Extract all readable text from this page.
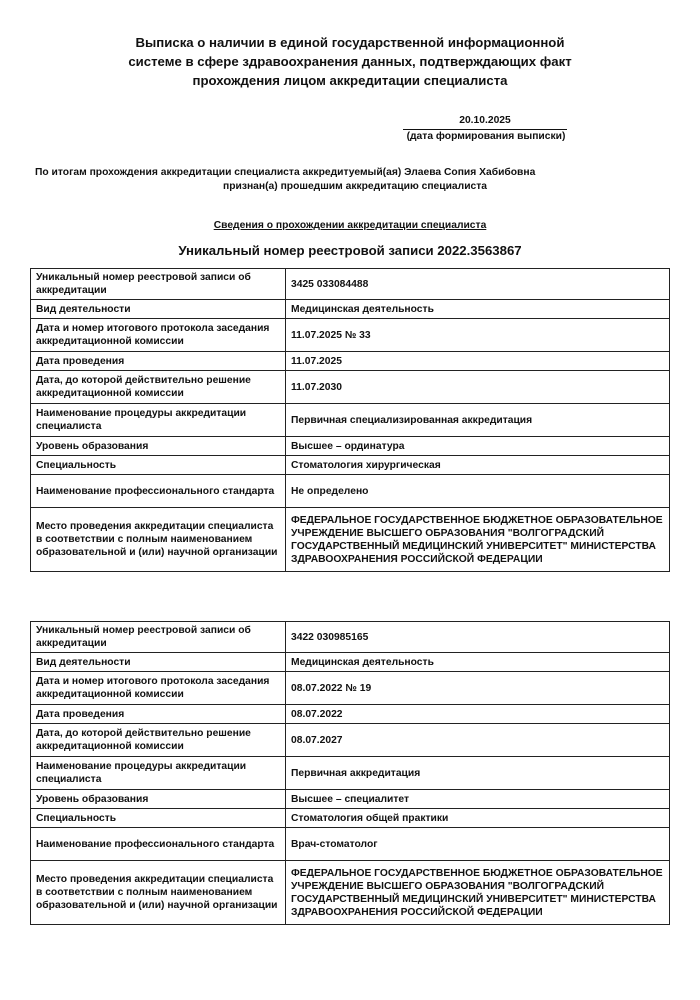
Выписка о наличии в единой государственной информационной
системе в сфере здравоохранения данных, подтверждающих факт
прохождения лицом аккредитации специалиста
20.10.2025
(дата формирования выписки)
По итогам прохождения аккредитации специалиста аккредитуемый(ая) Элаева Сопия Хабибовна
признан(а) прошедшим аккредитацию специалиста
Сведения о прохождении аккредитации специалиста
Уникальный номер реестровой записи 2022.3563867
Уникальный номер реестровой записи об аккредитации	3425 033084488
Вид деятельности	Медицинская деятельность
Дата и номер итогового протокола заседания аккредитационной комиссии	11.07.2025 № 33
Дата проведения	11.07.2025
Дата, до которой действительно решение аккредитационной комиссии	11.07.2030
Наименование процедуры аккредитации специалиста	Первичная специализированная аккредитация
Уровень образования	Высшее – ординатура
Специальность	Стоматология хирургическая
Наименование профессионального стандарта	Не определено
Место проведения аккредитации специалиста в соответствии с полным наименованием образовательной и (или) научной организации	ФЕДЕРАЛЬНОЕ ГОСУДАРСТВЕННОЕ БЮДЖЕТНОЕ ОБРАЗОВАТЕЛЬНОЕ УЧРЕЖДЕНИЕ ВЫСШЕГО ОБРАЗОВАНИЯ "ВОЛГОГРАДСКИЙ ГОСУДАРСТВЕННЫЙ МЕДИЦИНСКИЙ УНИВЕРСИТЕТ" МИНИСТЕРСТВА ЗДРАВООХРАНЕНИЯ РОССИЙСКОЙ ФЕДЕРАЦИИ
Уникальный номер реестровой записи об аккредитации	3422 030985165
Вид деятельности	Медицинская деятельность
Дата и номер итогового протокола заседания аккредитационной комиссии	08.07.2022 № 19
Дата проведения	08.07.2022
Дата, до которой действительно решение аккредитационной комиссии	08.07.2027
Наименование процедуры аккредитации специалиста	Первичная аккредитация
Уровень образования	Высшее – специалитет
Специальность	Стоматология общей практики
Наименование профессионального стандарта	Врач-стоматолог
Место проведения аккредитации специалиста в соответствии с полным наименованием образовательной и (или) научной организации	ФЕДЕРАЛЬНОЕ ГОСУДАРСТВЕННОЕ БЮДЖЕТНОЕ ОБРАЗОВАТЕЛЬНОЕ УЧРЕЖДЕНИЕ ВЫСШЕГО ОБРАЗОВАНИЯ "ВОЛГОГРАДСКИЙ ГОСУДАРСТВЕННЫЙ МЕДИЦИНСКИЙ УНИВЕРСИТЕТ" МИНИСТЕРСТВА ЗДРАВООХРАНЕНИЯ РОССИЙСКОЙ ФЕДЕРАЦИИ
